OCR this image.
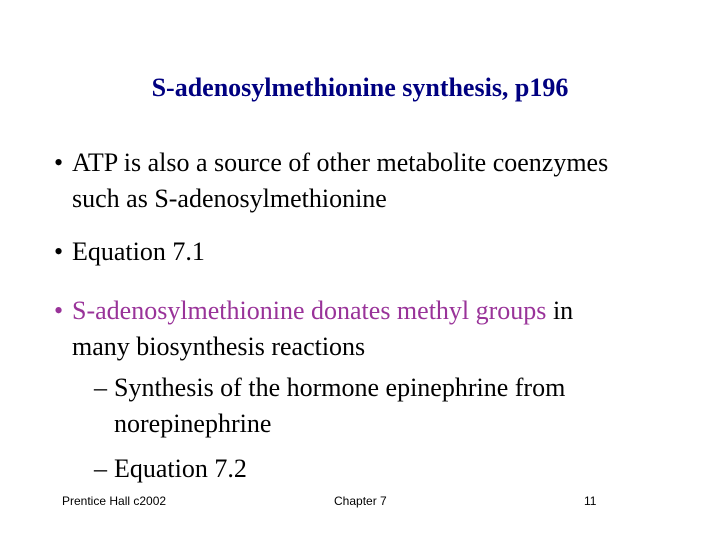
S-adenosylmethionine synthesis, p196
• ATP is also a source of other metabolite coenzymes
such as S-adenosylmethionine
• Equation 7.1
• S-adenosylmethionine donates methyl groups in
many biosynthesis reactions
– Synthesis of the hormone epinephrine from
norepinephrine
– Equation 7.2
Prentice Hall c2002	Chapter 7	11
